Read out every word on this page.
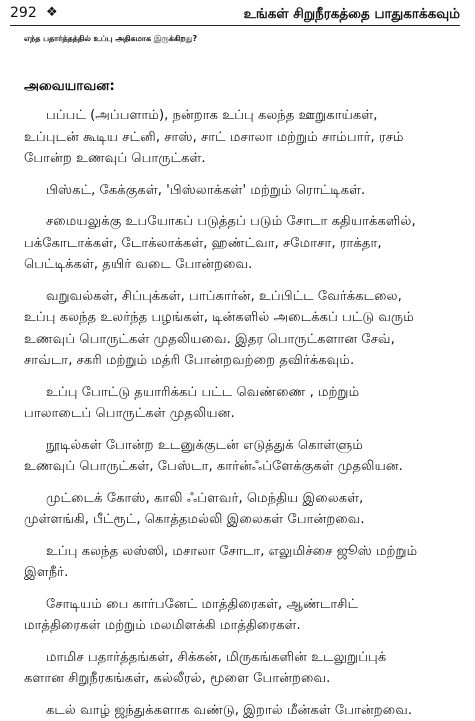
292 ❖	உங்கள் சிறுநீரகத்தை பாதுகாக்கவும்

எந்த பதார்த்தத்தில் உப்பு அதிகமாக இருக்கிறது?

அவையாவன:

பப்பட் (அப்பளாம்), நன்றாக உப்பு கலந்த ஊறுகாய்கள்,
உப்புடன் கூடிய சட்னி, சாஸ், சாட் மசாலா மற்றும் சாம்பார், ரசம்
போன்ற உணவுப் பொருட்கள்.
பிஸ்கட், கேக்குகள், 'பிஸ்லாக்கள்' மற்றும் ரொட்டிகள்.
சமையலுக்கு உபயோகப் படுத்தப் படும் சோடா கதியாக்களில்,
பக்கோடாக்கள், டோக்லாக்கள், ஹண்ட்வா, சமோசா, ராக்தா,
பெட்டிக்கள், தயிர் வடை போன்றவை.
வறுவல்கள், சிப்புக்கள், பாப்கார்ன், உப்பிட்ட வேர்க்கடலை,
உப்பு கலந்த உலர்ந்த பழங்கள், டின்களில் அடைக்கப் பட்டு வரும்
உணவுப் பொருட்கள் முதலியவை. இதர பொருட்களான சேவ்,
சாவ்டா, சகரி மற்றும் மத்ரி போன்றவற்றை தவிர்க்கவும்.
உப்பு போட்டு தயாரிக்கப் பட்ட வெண்ணை , மற்றும்
பாலாடைப் பொருட்கள் முதலியன.
நூடில்கள் போன்ற உடனுக்குடன் எடுத்துக் கொள்ளும்
உணவுப் பொருட்கள், பேஸ்டா, கார்ன்ஃப்ளேக்குகள் முதலியன.
முட்டைக் கோஸ், காலி ஃப்ளவர், மெந்திய இலைகள்,
முள்ளங்கி, பீட்ரூட், கொத்தமல்லி இலைகள் போன்றவை.
உப்பு கலந்த லஸ்ஸி, மசாலா சோடா, எலுமிச்சை ஜூஸ் மற்றும்
இளநீர்.
சோடியம் பை கார்பனேட் மாத்திரைகள், ஆண்டாசிட்
மாத்திரைகள் மற்றும் மலமிளக்கி மாத்திரைகள்.
மாமிச பதார்த்தங்கள், சிக்கன், மிருகங்களின் உடலுறுப்புக்
களான சிறுநீரகங்கள், கல்லீரல், மூளை போன்றவை.
கடல் வாழ் ஜந்துக்களாக வண்டு, இறால் மீன்கள் போன்றவை.
